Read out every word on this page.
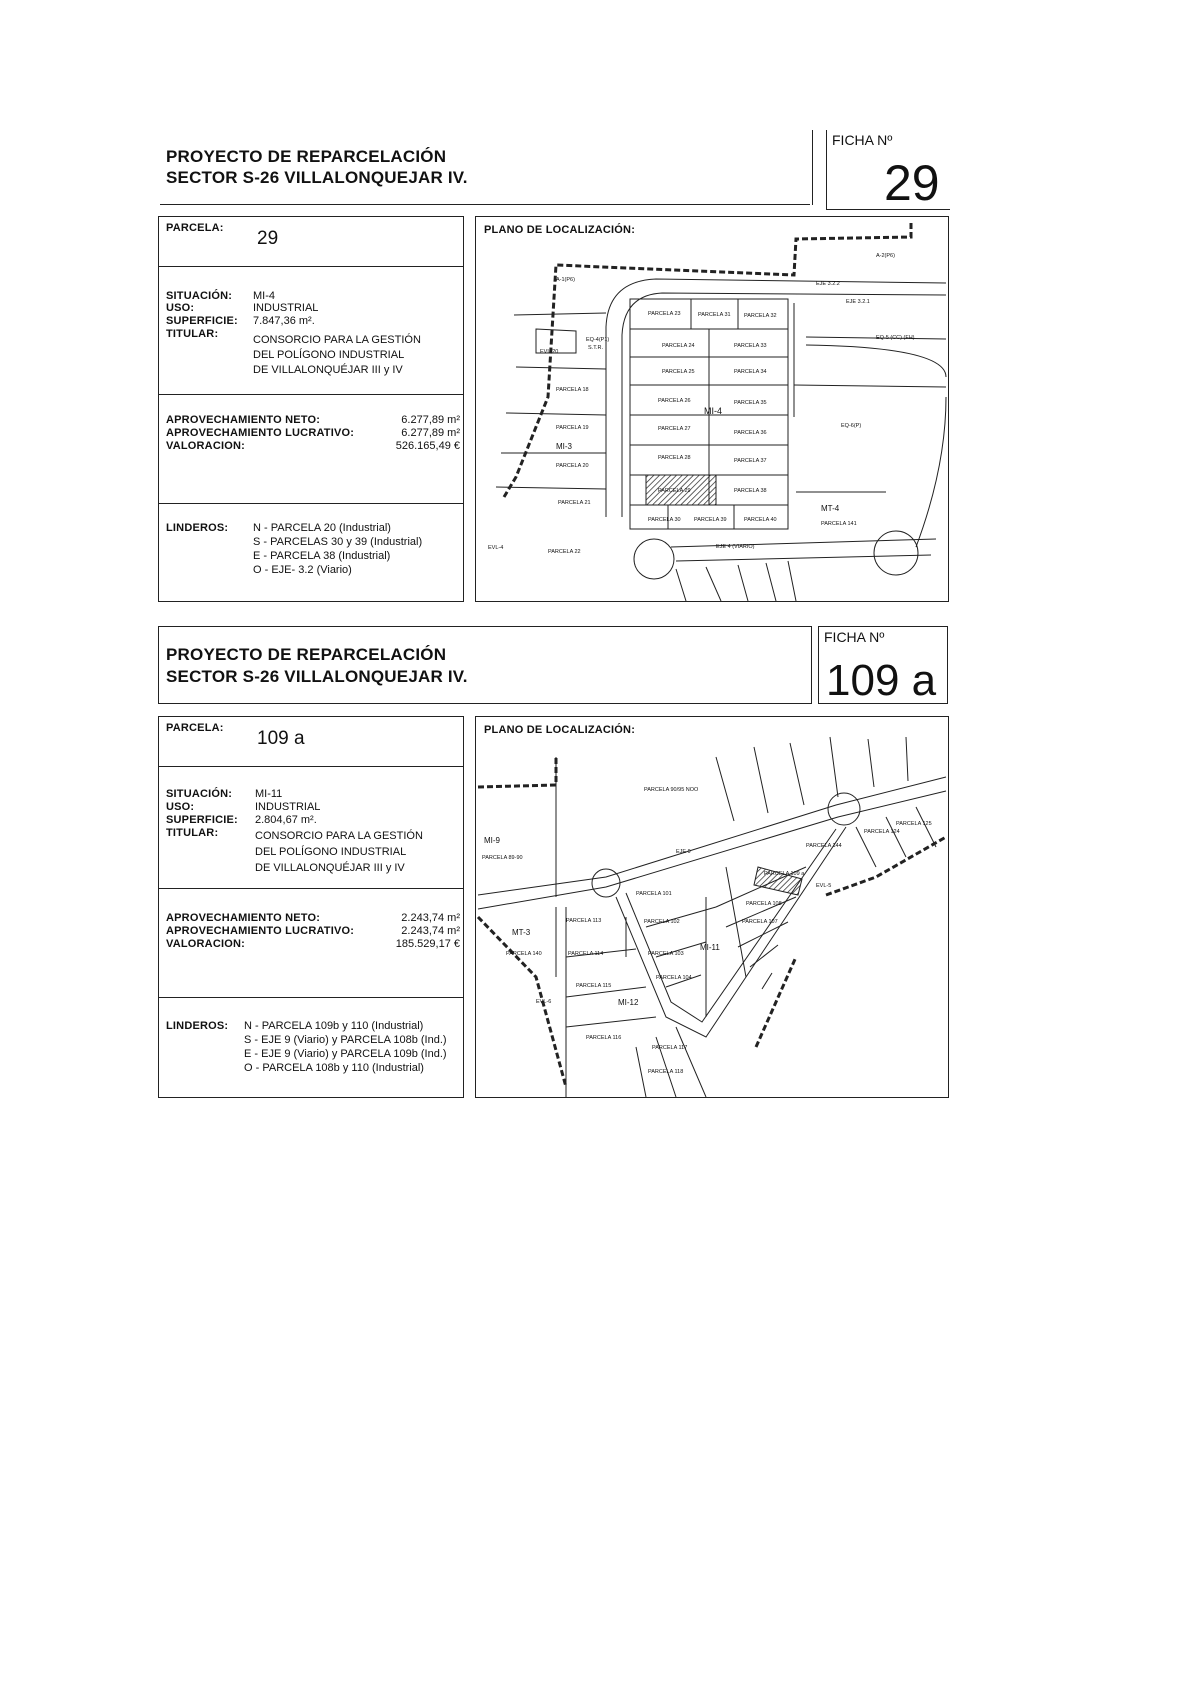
PROYECTO DE REPARCELACIÓN
SECTOR S-26 VILLALONQUEJAR IV.
FICHA Nº
29
PARCELA: 29
SITUACIÓN: MI-4
USO:	INDUSTRIAL
SUPERFICIE: 7.847,36 m².
TITULAR:	CONSORCIO PARA LA GESTIÓN
DEL POLÍGONO INDUSTRIAL
DE VILLALONQUÉJAR III y IV
APROVECHAMIENTO NETO:	6.277,89 m²
APROVECHAMIENTO LUCRATIVO:	6.277,89 m²
VALORACION:	526.165,49 €
LINDEROS: N - PARCELA 20 (Industrial)
S - PARCELAS 30 y 39 (Industrial)
E - PARCELA 38 (Industrial)
O - EJE- 3.2 (Viario)
PLANO DE LOCALIZACIÓN:
A-1(P6)
A-2(P6)
EJE 3.2.2
EJE 3.2.1
PARCELA 23	PARCELA 31 PARCELA 32
EQ-4(P1)
S.T.R.
EVL-20
PARCELA 24	PARCELA 33
EQ-5 (CC) (FH)
PARCELA 18
PARCELA 25	PARCELA 34
PARCELA 26	PARCELA 35
MI-4
PARCELA 19	PARCELA 27
PARCELA 36
EQ-6(P)
MI-3
PARCELA 20
PARCELA 28	PARCELA 37
PARCELA 29	PARCELA 38
PARCELA 21
MT-4
PARCELA 141
PARCELA 30 PARCELA 39	PARCELA 40
EVL-4
PARCELA 22
EJE 4 (VIARIO)
PROYECTO DE REPARCELACIÓN
SECTOR S-26 VILLALONQUEJAR IV.
FICHA Nº
109 a
PARCELA: 109 a
SITUACIÓN: MI-11
USO:	INDUSTRIAL
SUPERFICIE: 2.804,67 m².
TITULAR:	CONSORCIO PARA LA GESTIÓN
DEL POLÍGONO INDUSTRIAL
DE VILLALONQUÉJAR III y IV
APROVECHAMIENTO NETO:	2.243,74 m²
APROVECHAMIENTO LUCRATIVO:	2.243,74 m²
VALORACION:	185.529,17 €
LINDEROS: N - PARCELA 109b y 110 (Industrial)
S - EJE 9 (Viario) y PARCELA 108b (Ind.)
E - EJE 9 (Viario) y PARCELA 109b (Ind.)
O - PARCELA 108b y 110 (Industrial)
PLANO DE LOCALIZACIÓN:
MI-9
PARCELA 89-90
PARCELA 90/95 NOO
EJE 9
MT-3
PARCELA 113
PARCELA 114
PARCELA 115
MI-12
PARCELA 101
PARCELA 102
PARCELA 103
PARCELA 104
MI-11
PARCELA 116
PARCELA 117
PARCELA 118
PARCELA 144
PARCELA 109 a
PARCELA 108
PARCELA 107
EVL-5
PARCELA 125
PARCELA 124
PARCELA 140
EVL-6
